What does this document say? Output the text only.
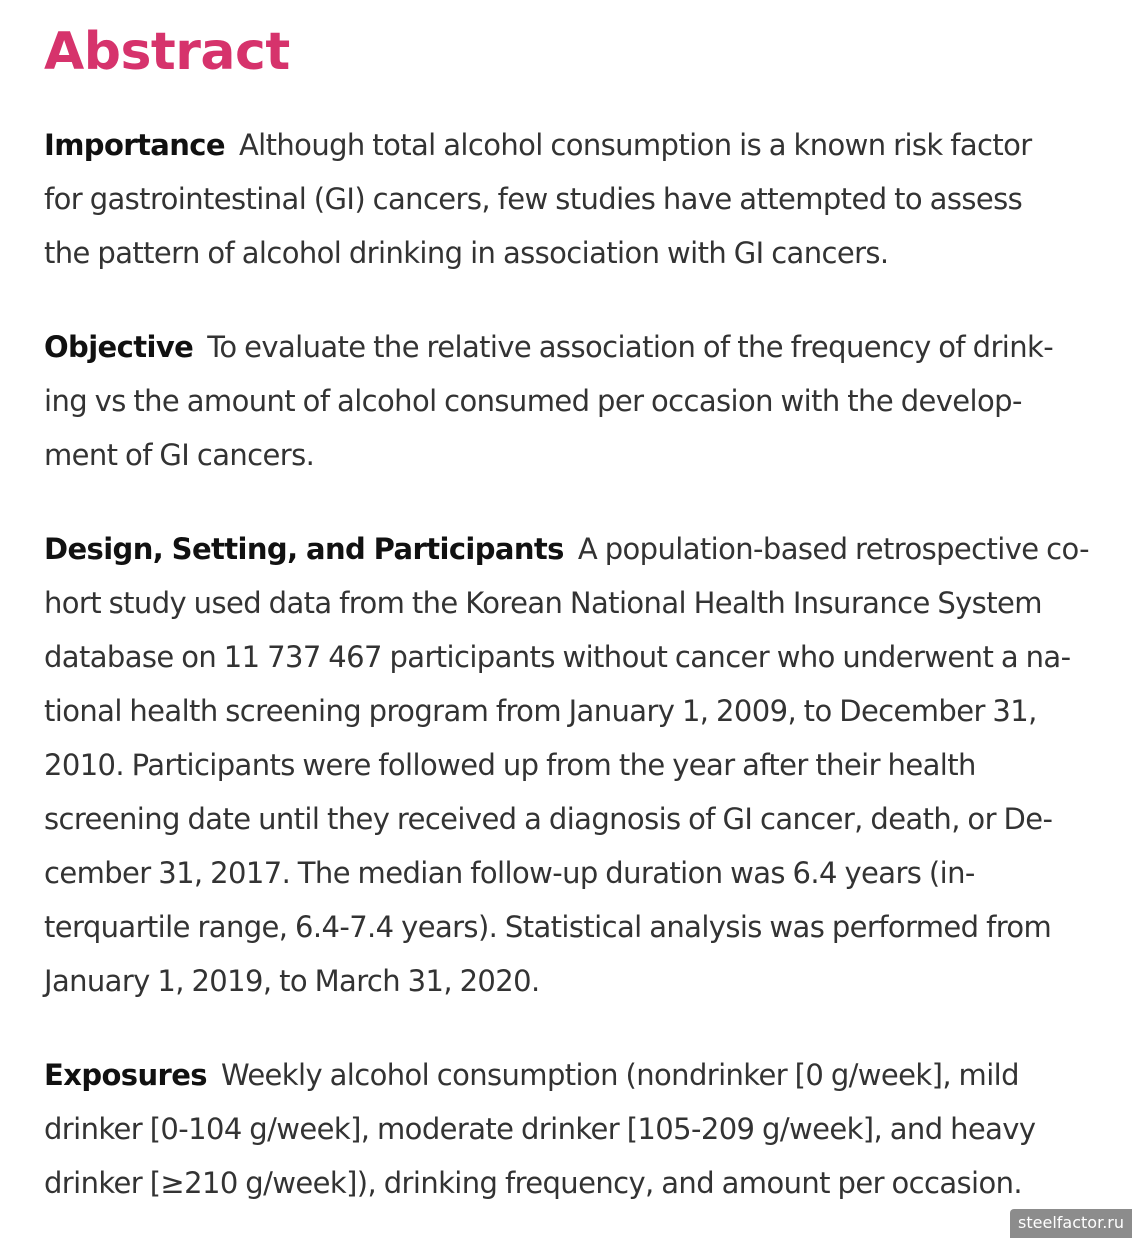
Abstract

Importance Although total alcohol consumption is a known risk factor
for gastrointestinal (GI) cancers, few studies have attempted to assess
the pattern of alcohol drinking in association with GI cancers.

Objective To evaluate the relative association of the frequency of drink-
ing vs the amount of alcohol consumed per occasion with the develop-
ment of GI cancers.

Design, Setting, and Participants A population-based retrospective co-
hort study used data from the Korean National Health Insurance System
database on 11 737 467 participants without cancer who underwent a na-
tional health screening program from January 1, 2009, to December 31,
2010. Participants were followed up from the year after their health
screening date until they received a diagnosis of GI cancer, death, or De-
cember 31, 2017. The median follow-up duration was 6.4 years (in-
terquartile range, 6.4-7.4 years). Statistical analysis was performed from
January 1, 2019, to March 31, 2020.

Exposures Weekly alcohol consumption (nondrinker [0 g/week], mild
drinker [0-104 g/week], moderate drinker [105-209 g/week], and heavy
drinker [≥210 g/week]), drinking frequency, and amount per occasion.

steelfactor.ru
